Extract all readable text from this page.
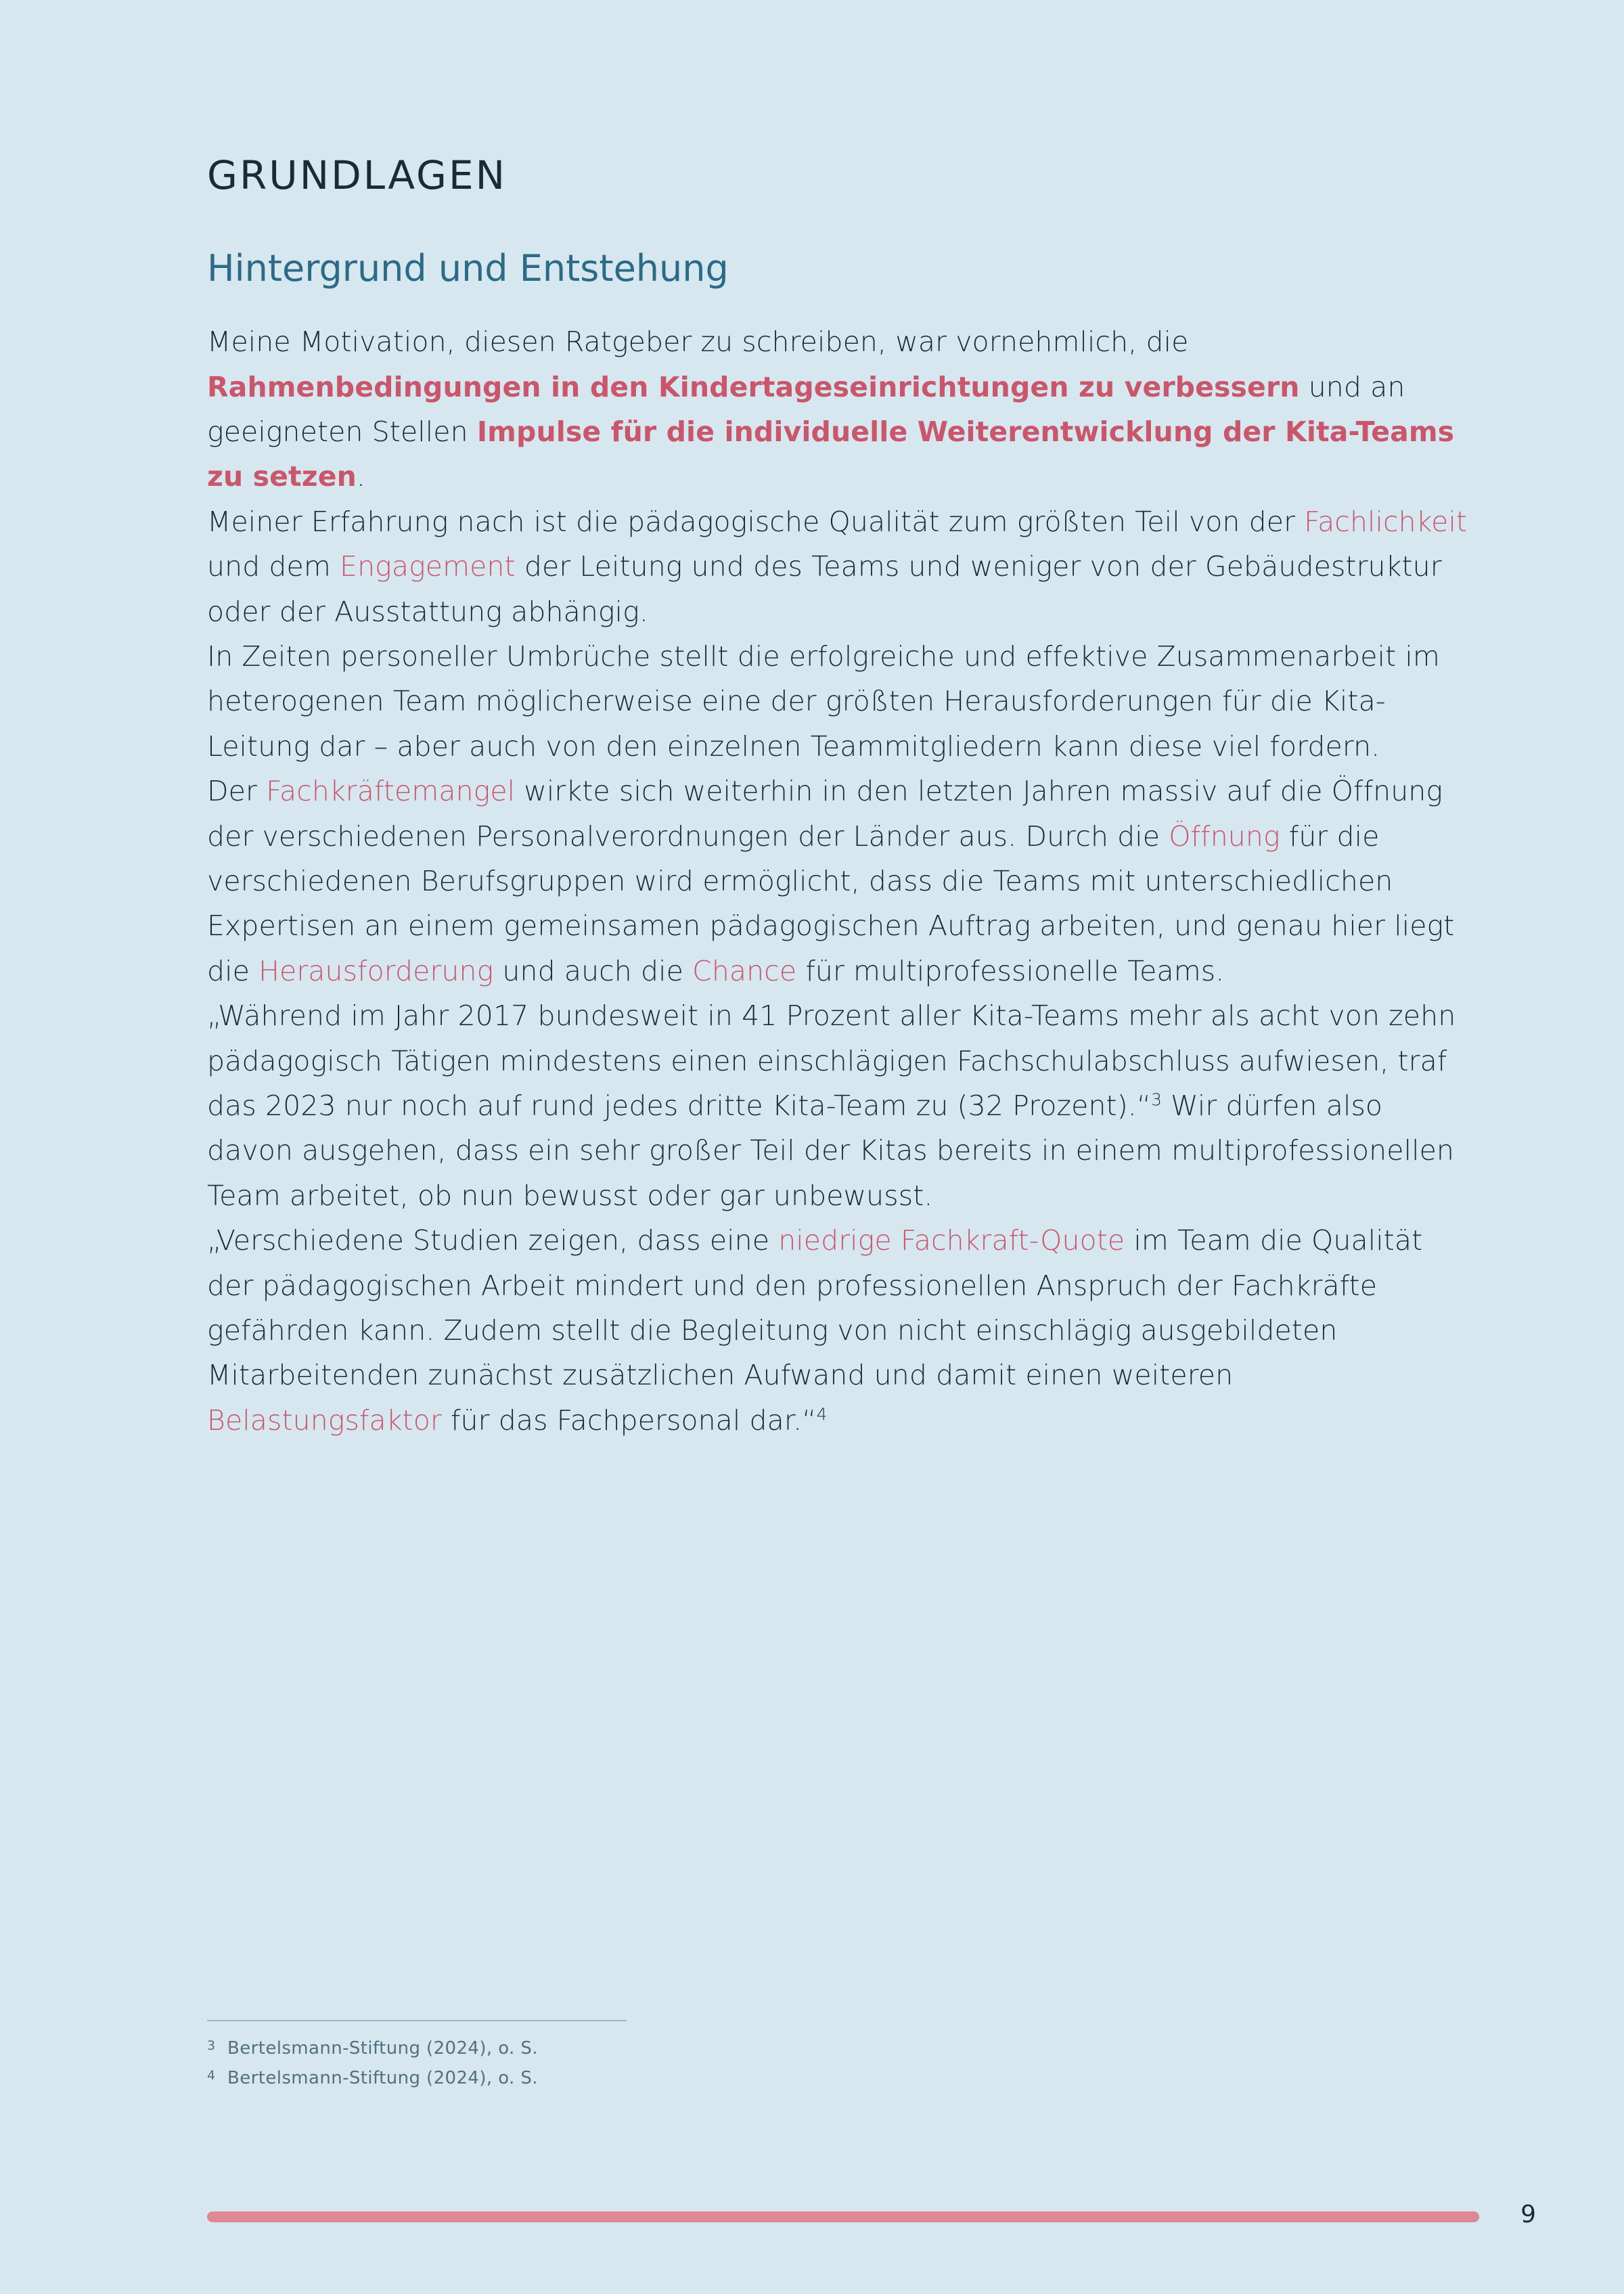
GRUNDLAGEN
Hintergrund und Entstehung

Meine Motivation, diesen Ratgeber zu schreiben, war vornehmlich, die Rahmenbedingungen in den Kindertageseinrichtungen zu verbessern und an geeigneten Stellen Impulse für die individuelle Weiterentwicklung der Kita-Teams zu setzen.

Meiner Erfahrung nach ist die pädagogische Qualität zum größten Teil von der Fachlichkeit und dem Engagement der Leitung und des Teams und weniger von der Gebäudestruktur oder der Ausstattung abhängig.

In Zeiten personeller Umbrüche stellt die erfolgreiche und effektive Zusammenarbeit im heterogenen Team möglicherweise eine der größten Herausforderungen für die Kita-Leitung dar – aber auch von den einzelnen Teammitgliedern kann diese viel fordern.

Der Fachkräftemangel wirkte sich weiterhin in den letzten Jahren massiv auf die Öffnung der verschiedenen Personalverordnungen der Länder aus. Durch die Öffnung für die verschiedenen Berufsgruppen wird ermöglicht, dass die Teams mit unterschiedlichen Expertisen an einem gemeinsamen pädagogischen Auftrag arbeiten, und genau hier liegt die Herausforderung und auch die Chance für multiprofessionelle Teams.

„Während im Jahr 2017 bundesweit in 41 Prozent aller Kita-Teams mehr als acht von zehn pädagogisch Tätigen mindestens einen einschlägigen Fachschulabschluss aufwiesen, traf das 2023 nur noch auf rund jedes dritte Kita-Team zu (32 Prozent).“$^3$ Wir dürfen also davon ausgehen, dass ein sehr großer Teil der Kitas bereits in einem multiprofessionellen Team arbeitet, ob nun bewusst oder gar unbewusst.

„Verschiedene Studien zeigen, dass eine niedrige Fachkraft-Quote im Team die Qualität der pädagogischen Arbeit mindert und den professionellen Anspruch der Fachkräfte gefährden kann. Zudem stellt die Begleitung von nicht einschlägig ausgebildeten Mitarbeitenden zunächst zusätzlichen Aufwand und damit einen weiteren Belastungsfaktor für das Fachpersonal dar.“$^4$

3 Bertelsmann-Stiftung (2024), o. S.
4 Bertelsmann-Stiftung (2024), o. S.
9
